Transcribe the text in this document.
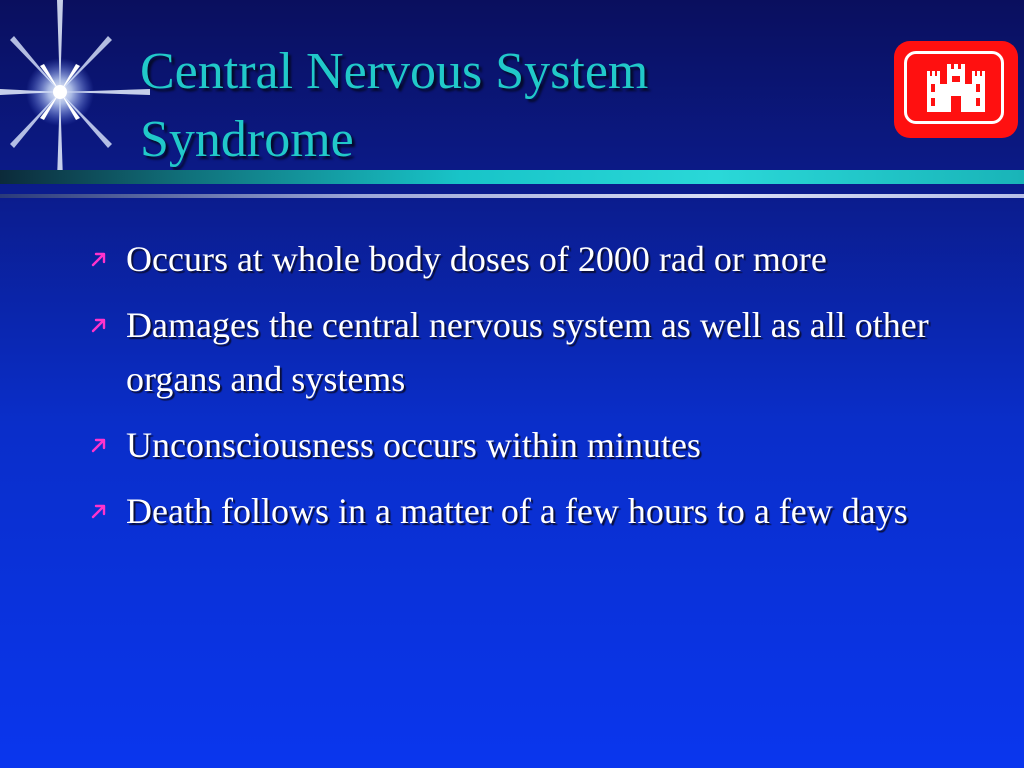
Central Nervous System Syndrome
Occurs at whole body doses of 2000 rad or more
Damages the central nervous system as well as all other organs and systems
Unconsciousness occurs within minutes
Death follows in a matter of a few hours to a few days
